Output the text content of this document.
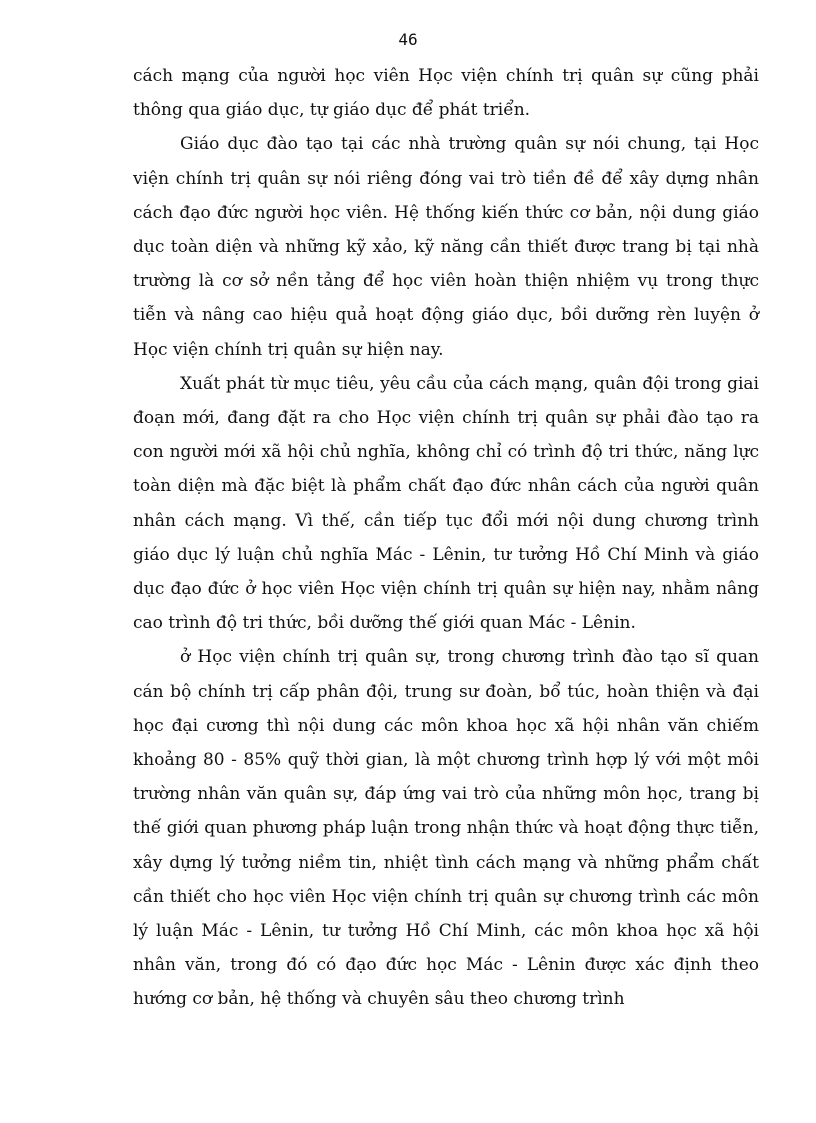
46

cách mạng của người học viên Học viện chính trị quân sự cũng phải thông qua giáo dục, tự giáo dục để phát triển.

Giáo dục đào tạo tại các nhà trường quân sự nói chung, tại Học viện chính trị quân sự nói riêng đóng vai trò tiền đề để xây dựng nhân cách đạo đức người học viên. Hệ thống kiến thức cơ bản, nội dung giáo dục toàn diện và những kỹ xảo, kỹ năng cần thiết được trang bị tại nhà trường là cơ sở nền tảng để học viên hoàn thiện nhiệm vụ trong thực tiễn và nâng cao hiệu quả hoạt động giáo dục, bồi dưỡng rèn luyện ở Học viện chính trị quân sự hiện nay.

Xuất phát từ mục tiêu, yêu cầu của cách mạng, quân đội trong giai đoạn mới, đang đặt ra cho Học viện chính trị quân sự phải đào tạo ra con người mới xã hội chủ nghĩa, không chỉ có trình độ tri thức, năng lực toàn diện mà đặc biệt là phẩm chất đạo đức nhân cách của người quân nhân cách mạng. Vì thế, cần tiếp tục đổi mới nội dung chương trình giáo dục lý luận chủ nghĩa Mác - Lênin, tư tưởng Hồ Chí Minh và giáo dục đạo đức ở học viên Học viện chính trị quân sự hiện nay, nhằm nâng cao trình độ tri thức, bồi dưỡng thế giới quan Mác - Lênin.

ở Học viện chính trị quân sự, trong chương trình đào tạo sĩ quan cán bộ chính trị cấp phân đội, trung sư đoàn, bổ túc, hoàn thiện và đại học đại cương thì nội dung các môn khoa học xã hội nhân văn chiếm khoảng 80 - 85% quỹ thời gian, là một chương trình hợp lý với một môi trường nhân văn quân sự, đáp ứng vai trò của những môn học, trang bị thế giới quan phương pháp luận trong nhận thức và hoạt động thực tiễn, xây dựng lý tưởng niềm tin, nhiệt tình cách mạng và những phẩm chất cần thiết cho học viên Học viện chính trị quân sự chương trình các môn lý luận Mác - Lênin, tư tưởng Hồ Chí Minh, các môn khoa học xã hội nhân văn, trong đó có đạo đức học Mác - Lênin được xác định theo hướng cơ bản, hệ thống và chuyên sâu theo chương trình
